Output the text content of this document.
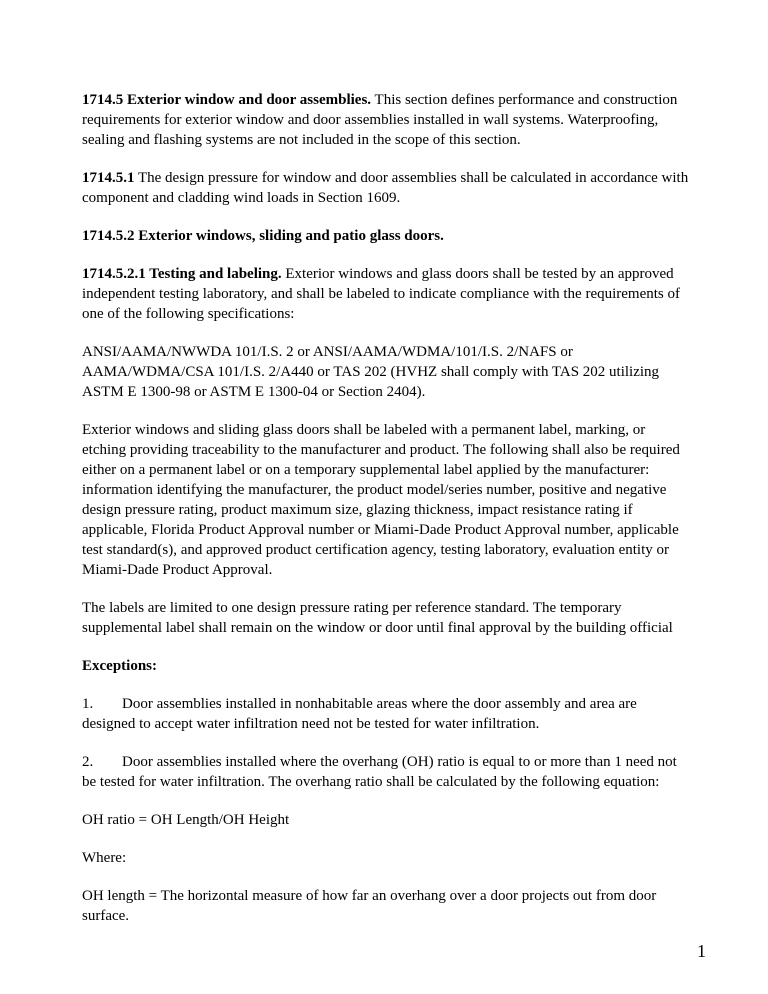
1714.5 Exterior window and door assemblies. This section defines performance and construction requirements for exterior window and door assemblies installed in wall systems. Waterproofing, sealing and flashing systems are not included in the scope of this section.

1714.5.1 The design pressure for window and door assemblies shall be calculated in accordance with component and cladding wind loads in Section 1609.

1714.5.2 Exterior windows, sliding and patio glass doors.

1714.5.2.1 Testing and labeling. Exterior windows and glass doors shall be tested by an approved independent testing laboratory, and shall be labeled to indicate compliance with the requirements of one of the following specifications:

ANSI/AAMA/NWWDA 101/I.S. 2 or ANSI/AAMA/WDMA/101/I.S. 2/NAFS or AAMA/WDMA/CSA 101/I.S. 2/A440 or TAS 202 (HVHZ shall comply with TAS 202 utilizing ASTM E 1300-98 or ASTM E 1300-04 or Section 2404).

Exterior windows and sliding glass doors shall be labeled with a permanent label, marking, or etching providing traceability to the manufacturer and product. The following shall also be required either on a permanent label or on a temporary supplemental label applied by the manufacturer: information identifying the manufacturer, the product model/series number, positive and negative design pressure rating, product maximum size, glazing thickness, impact resistance rating if applicable, Florida Product Approval number or Miami-Dade Product Approval number, applicable test standard(s), and approved product certification agency, testing laboratory, evaluation entity or Miami-Dade Product Approval.

The labels are limited to one design pressure rating per reference standard. The temporary supplemental label shall remain on the window or door until final approval by the building official

Exceptions:

1. Door assemblies installed in nonhabitable areas where the door assembly and area are designed to accept water infiltration need not be tested for water infiltration.

2. Door assemblies installed where the overhang (OH) ratio is equal to or more than 1 need not be tested for water infiltration. The overhang ratio shall be calculated by the following equation:

OH ratio = OH Length/OH Height

Where:

OH length = The horizontal measure of how far an overhang over a door projects out from door surface.

1
